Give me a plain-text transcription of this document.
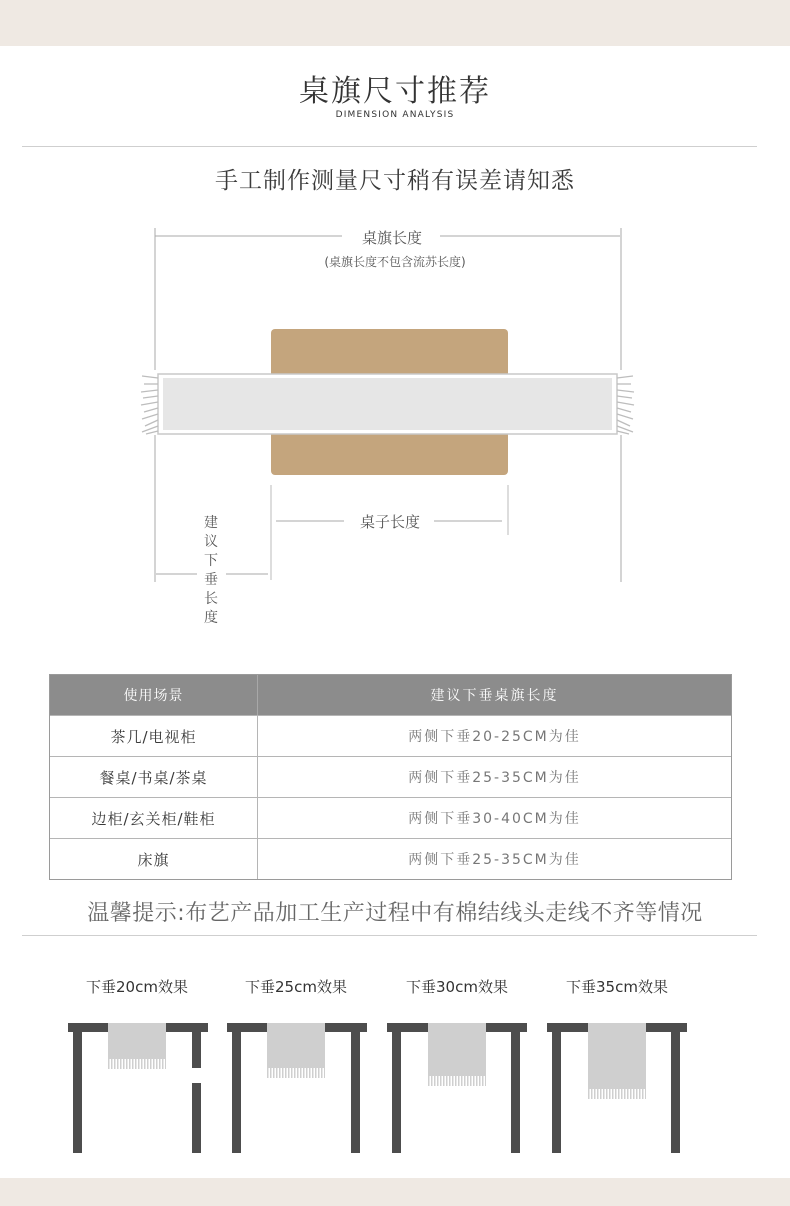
桌旗尺寸推荐
DIMENSION ANALYSIS
手工制作测量尺寸稍有误差请知悉
桌旗长度
(桌旗长度不包含流苏长度)
桌子长度
建
议
下
垂
长
度
使用场景	建议下垂桌旗长度
茶几/电视柜	两侧下垂20-25CM为佳
餐桌/书桌/茶桌	两侧下垂25-35CM为佳
边柜/玄关柜/鞋柜	两侧下垂30-40CM为佳
床旗	两侧下垂25-35CM为佳
温馨提示:布艺产品加工生产过程中有棉结线头走线不齐等情况
下垂20cm效果	下垂25cm效果	下垂30cm效果	下垂35cm效果
